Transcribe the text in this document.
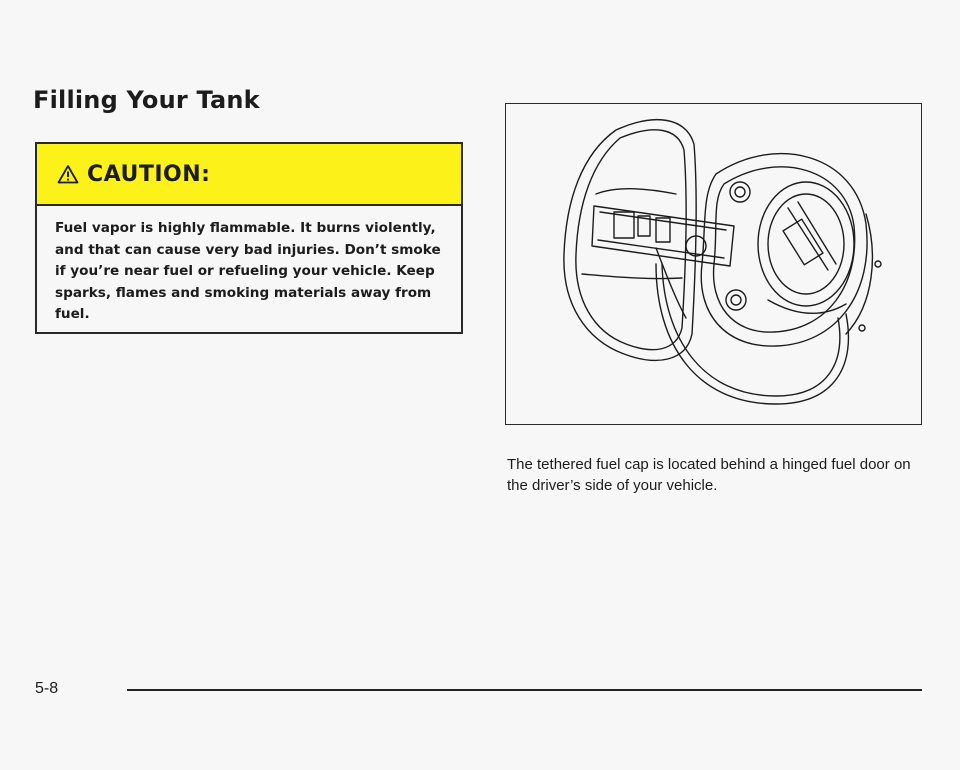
Filling Your Tank
CAUTION:

Fuel vapor is highly flammable. It burns violently, and that can cause very bad injuries. Don’t smoke if you’re near fuel or refueling your vehicle. Keep sparks, flames and smoking materials away from fuel.

The tethered fuel cap is located behind a hinged fuel door on the driver’s side of your vehicle.

5-8
